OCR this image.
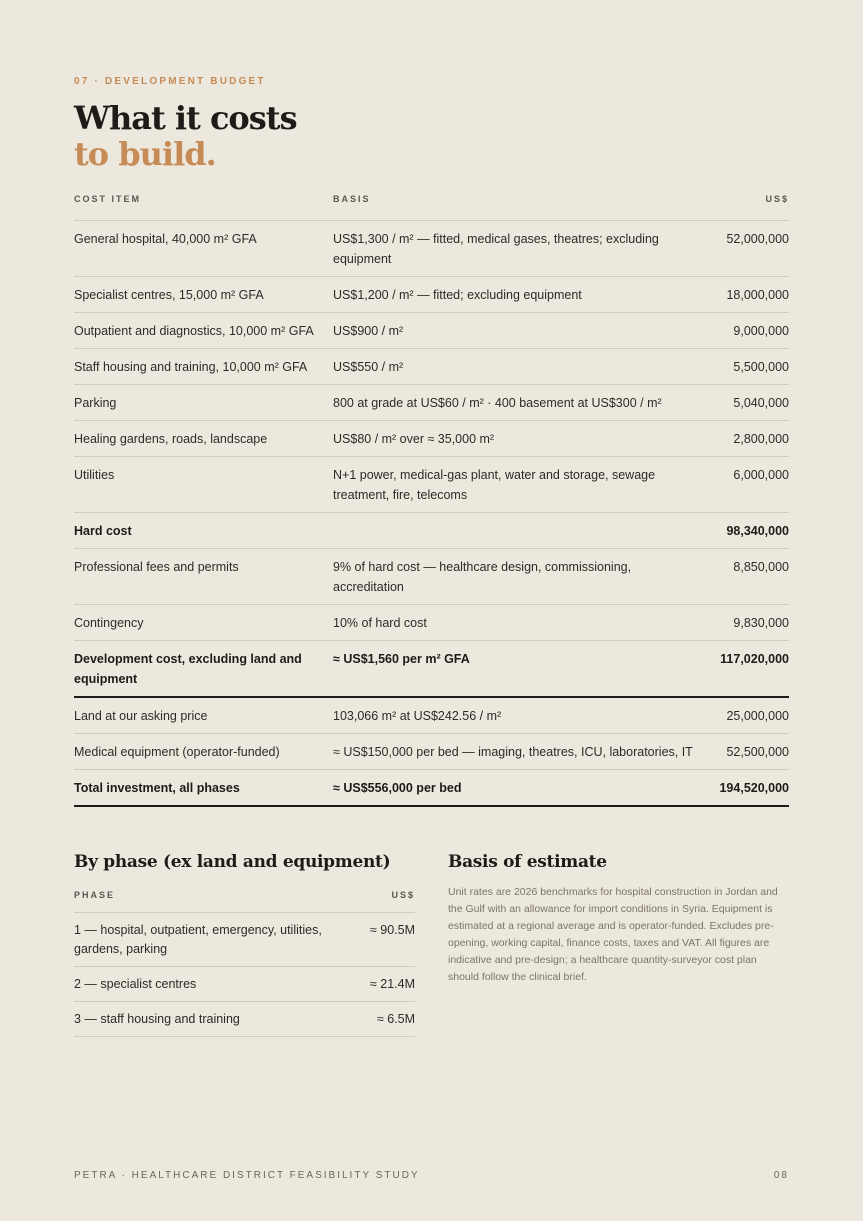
07 · DEVELOPMENT BUDGET
What it costs
to build.
COST ITEM	BASIS	US$
General hospital, 40,000 m² GFA	US$1,300 / m² — fitted, medical gases, theatres; excluding equipment	52,000,000
Specialist centres, 15,000 m² GFA	US$1,200 / m² — fitted; excluding equipment	18,000,000
Outpatient and diagnostics, 10,000 m² GFA	US$900 / m²	9,000,000
Staff housing and training, 10,000 m² GFA	US$550 / m²	5,500,000
Parking	800 at grade at US$60 / m² · 400 basement at US$300 / m²	5,040,000
Healing gardens, roads, landscape	US$80 / m² over ≈ 35,000 m²	2,800,000
Utilities	N+1 power, medical-gas plant, water and storage, sewage treatment, fire, telecoms	6,000,000
Hard cost		98,340,000
Professional fees and permits	9% of hard cost — healthcare design, commissioning, accreditation	8,850,000
Contingency	10% of hard cost	9,830,000
Development cost, excluding land and equipment	≈ US$1,560 per m² GFA	117,020,000
Land at our asking price	103,066 m² at US$242.56 / m²	25,000,000
Medical equipment (operator-funded)	≈ US$150,000 per bed — imaging, theatres, ICU, laboratories, IT	52,500,000
Total investment, all phases	≈ US$556,000 per bed	194,520,000
By phase (ex land and equipment)
PHASE	US$
1 — hospital, outpatient, emergency, utilities, gardens, parking	≈ 90.5M
2 — specialist centres	≈ 21.4M
3 — staff housing and training	≈ 6.5M
Basis of estimate
Unit rates are 2026 benchmarks for hospital construction in Jordan and the Gulf with an allowance for import conditions in Syria. Equipment is estimated at a regional average and is operator-funded. Excludes pre-opening, working capital, finance costs, taxes and VAT. All figures are indicative and pre-design; a healthcare quantity-surveyor cost plan should follow the clinical brief.
PETRA · HEALTHCARE DISTRICT FEASIBILITY STUDY	08
